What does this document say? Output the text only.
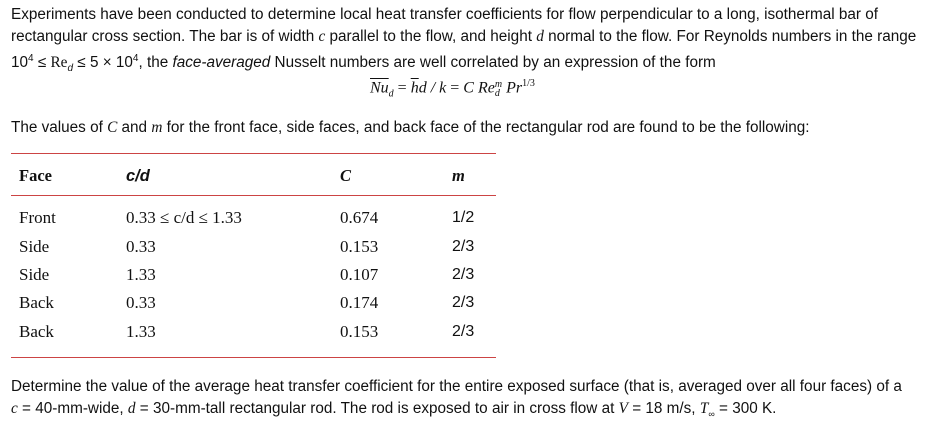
Experiments have been conducted to determine local heat transfer coefficients for flow perpendicular to a long, isothermal bar of
rectangular cross section. The bar is of width c parallel to the flow, and height d normal to the flow. For Reynolds numbers in the range
$10^4 \le Re_d \le 5 \times 10^4$, the face-averaged Nusselt numbers are well correlated by an expression of the form
$\overline{Nu}_d = \overline{h}d / k = C$ Rem
d $Pr^{1/3}$
The values of C and m for the front face, side faces, and back face of the rectangular rod are found to be the following:
Face	c/d	C	m

Front	0.33 ≤ c/d ≤ 1.33	0.674	1/2
Side	0.33	0.153	2/3
Side	1.33	0.107	2/3
Back	0.33	0.174	2/3
Back	1.33	0.153	2/3
Determine the value of the average heat transfer coefficient for the entire exposed surface (that is, averaged over all four faces) of a
c = 40-mm-wide, d = 30-mm-tall rectangular rod. The rod is exposed to air in cross flow at V = 18 m/s, $T_\infty = 300$ K.
